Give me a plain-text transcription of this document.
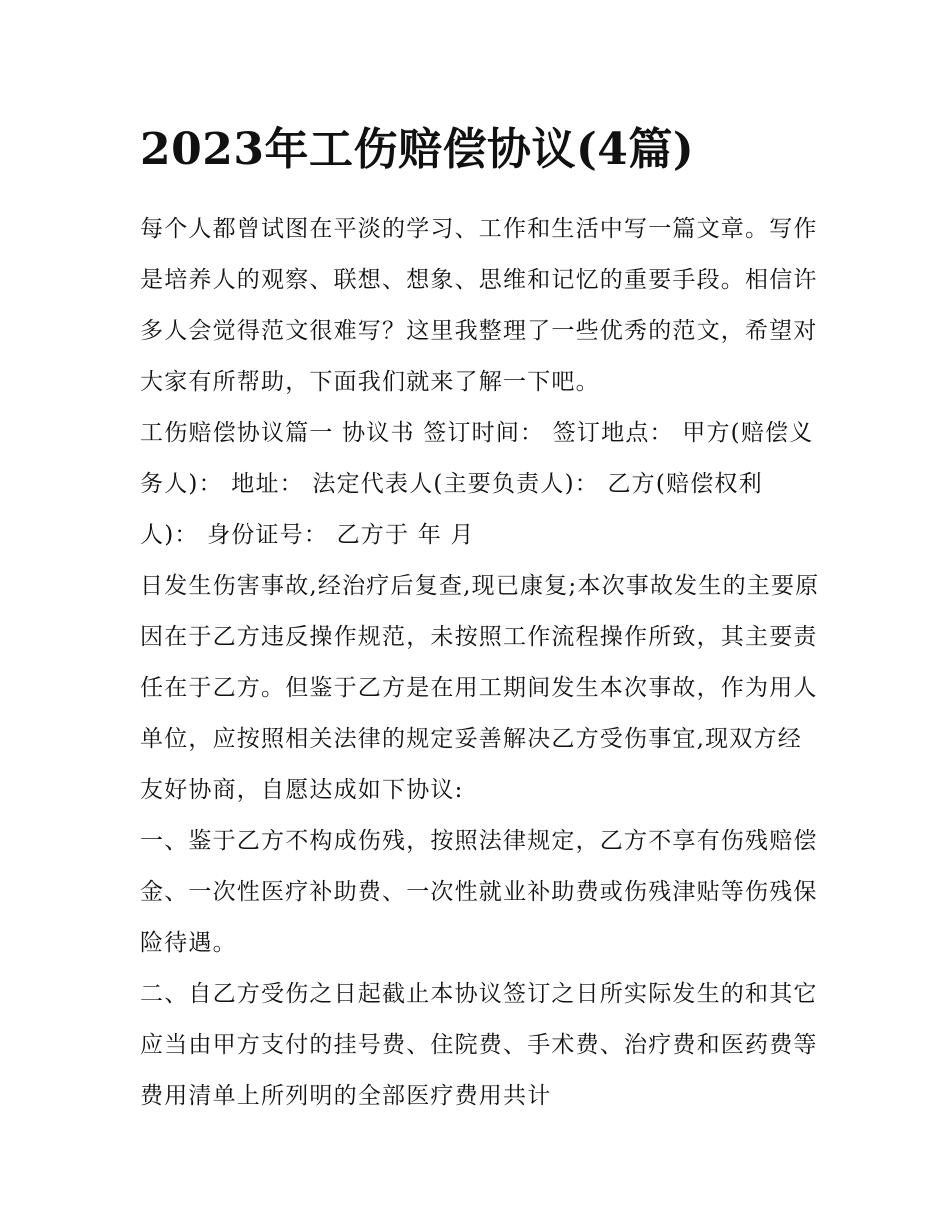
2023年工伤赔偿协议(4篇)

每个人都曾试图在平淡的学习、工作和生活中写一篇文章。写作是培养人的观察、联想、想象、思维和记忆的重要手段。相信许多人会觉得范文很难写？这里我整理了一些优秀的范文，希望对大家有所帮助，下面我们就来了解一下吧。

工伤赔偿协议篇一 协议书 签订时间： 签订地点： 甲方(赔偿义务人)： 地址： 法定代表人(主要负责人)： 乙方(赔偿权利人)： 身份证号： 乙方于 年 月

日发生伤害事故,经治疗后复查,现已康复;本次事故发生的主要原因在于乙方违反操作规范，未按照工作流程操作所致，其主要责任在于乙方。但鉴于乙方是在用工期间发生本次事故，作为用人单位，应按照相关法律的规定妥善解决乙方受伤事宜,现双方经友好协商，自愿达成如下协议:

一、鉴于乙方不构成伤残，按照法律规定，乙方不享有伤残赔偿金、一次性医疗补助费、一次性就业补助费或伤残津贴等伤残保险待遇。

二、自乙方受伤之日起截止本协议签订之日所实际发生的和其它应当由甲方支付的挂号费、住院费、手术费、治疗费和医药费等费用清单上所列明的全部医疗费用共计
